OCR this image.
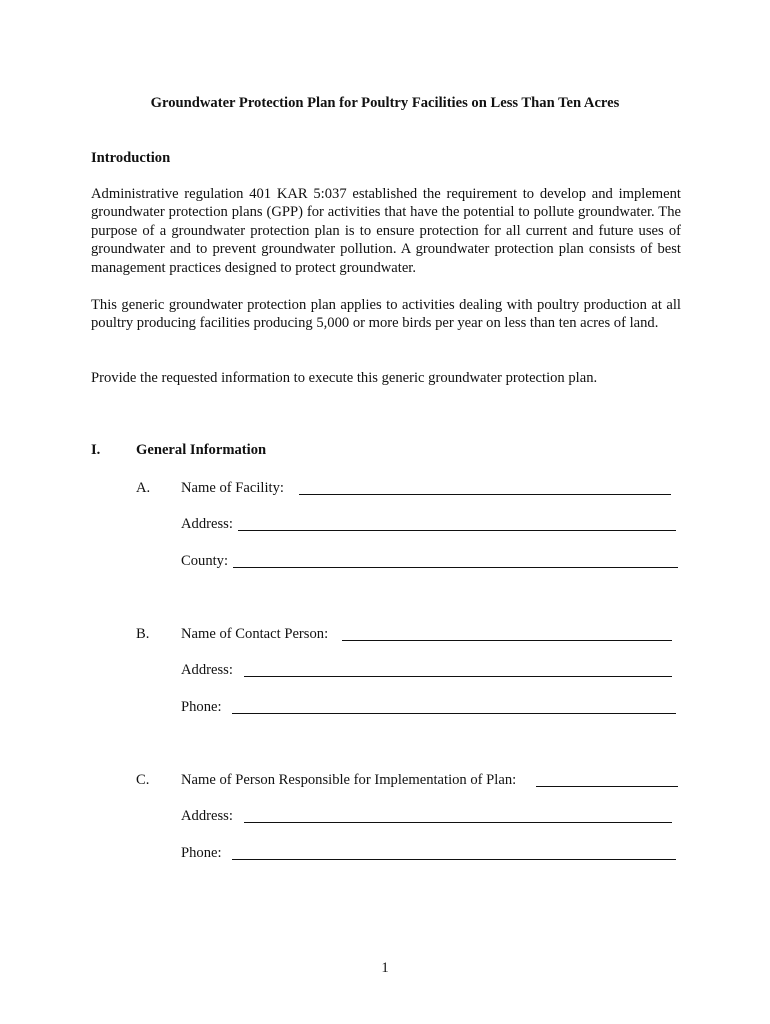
Groundwater Protection Plan for Poultry Facilities on Less Than Ten Acres
Introduction
Administrative regulation 401 KAR 5:037 established the requirement to develop and implement groundwater protection plans (GPP) for activities that have the potential to pollute groundwater. The purpose of a groundwater protection plan is to ensure protection for all current and future uses of groundwater and to prevent groundwater pollution. A groundwater protection plan consists of best management practices designed to protect groundwater.
This generic groundwater protection plan applies to activities dealing with poultry production at all poultry producing facilities producing 5,000 or more birds per year on less than ten acres of land.
Provide the requested information to execute this generic groundwater protection plan.
I. General Information
A. Name of Facility:
Address:
County:
B. Name of Contact Person:
Address:
Phone:
C. Name of Person Responsible for Implementation of Plan:
Address:
Phone:
1
